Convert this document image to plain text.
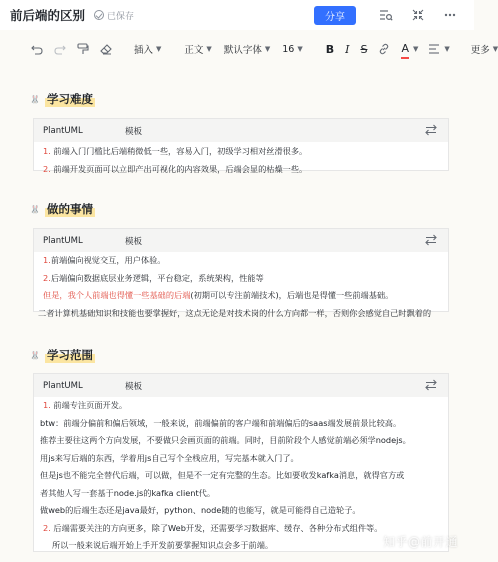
前后端的区别 已保存	分享
插入 ▼ 正文 ▼ 默认字体 ▼ 16 ▼ B I S	A ▼	▼ 更多 ▼
🐰 学习难度
PlantUML	模板
1. 前端入门门槛比后端稍微低一些，容易入门，初级学习相对丝滑很多。
2. 前端开发页面可以立即产出可视化的内容效果，后端会显的枯燥一些。
🐰 做的事情
PlantUML	模板
1.前端偏向视觉交互，用户体验。
2.后端偏向数据底层业务逻辑，平台稳定，系统架构，性能等
但是，我个人前端也得懂一些基础的后端 (初期可以专注前端技术)，后端也是得懂一些前端基础。
二者计算机基础知识和技能也要掌握好，这点无论是对技术岗的什么方向都一样，否则你会感觉自己时飘着的
🐰 学习范围
PlantUML	模板
1. 前端专注页面开发。
btw：前端分偏前和偏后领域，一般来说，前端偏前的客户端和前端偏后的saas端发展前景比较高。
推荐主要往这两个方向发展，不要做只会画页面的前端。同时，目前阶段个人感觉前端必须学nodejs。
用js来写后端的东西，学着用js自己写个全栈应用，写完基本就入门了。
但是js也不能完全替代后端，可以做，但是不一定有完整的生态。比如要收发kafka消息，就得官方或
者其他人写一套基于node.js的kafka client代。
做web的后端生态还是java最好，python、node随的也能写，就是可能得自己造轮子。
2. 后端需要关注的方向更多，除了Web开发，还需要学习数据库、缓存、各种分布式组件等。
所以一般来说后端开始上手开发前要掌握知识点会多于前端。	知乎@前开通
